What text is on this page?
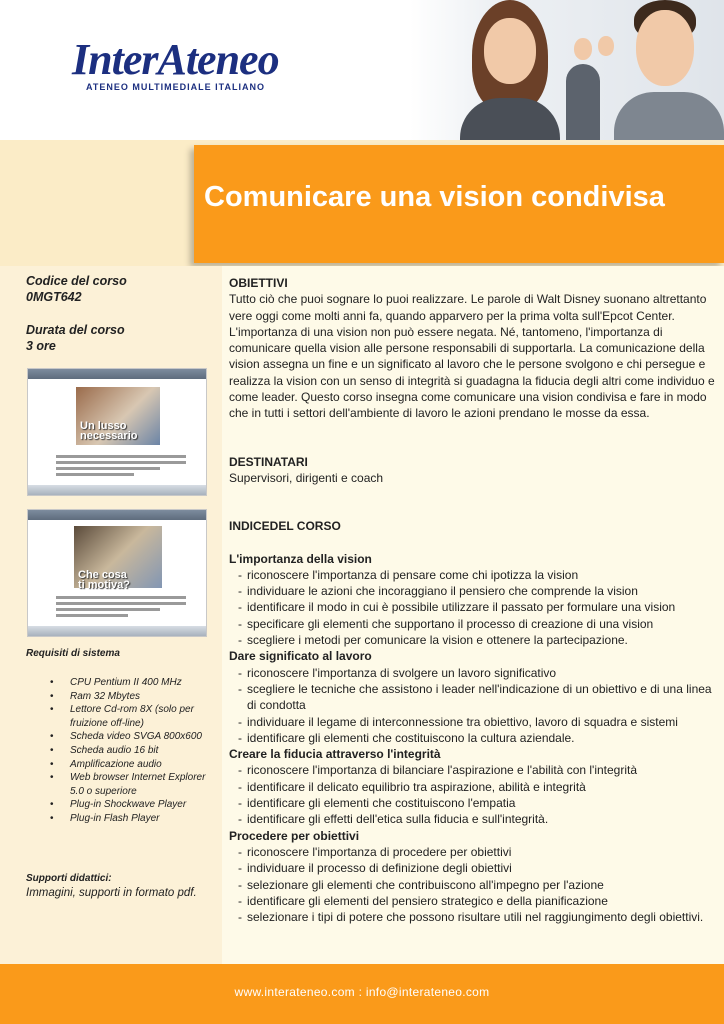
InterAteneo
ATENEO MULTIMEDIALE ITALIANO
Comunicare una vision condivisa
Codice del corso
0MGT642
Durata del corso
3 ore
Un lusso necessario
Che cosa ti motiva?
Requisiti di sistema
• CPU Pentium II 400 MHz
• Ram 32 Mbytes
• Lettore Cd-rom 8X (solo per fruizione off-line)
• Scheda video SVGA 800x600
• Scheda audio 16 bit
• Amplificazione audio
• Web browser Internet Explorer 5.0 o superiore
• Plug-in Shockwave Player
• Plug-in Flash Player
Supporti didattici:
Immagini, supporti in formato pdf.
OBIETTIVI
Tutto ciò che puoi sognare lo puoi realizzare. Le parole di Walt Disney suonano altrettanto vere oggi come molti anni fa, quando apparvero per la prima volta sull'Epcot Center. L'importanza di una vision non può essere negata. Né, tantomeno, l'importanza di comunicare quella vision alle persone responsabili di supportarla. La comunicazione della vision assegna un fine e un significato al lavoro che le persone svolgono e chi persegue e realizza la vision con un senso di integrità si guadagna la fiducia degli altri come individuo e come leader. Questo corso insegna come comunicare una vision condivisa e fare in modo che in tutti i settori dell'ambiente di lavoro le azioni prendano le mosse da essa.
DESTINATARI
Supervisori, dirigenti e coach
INDICEDEL CORSO
L'importanza della vision
- riconoscere l'importanza di pensare come chi ipotizza la vision
- individuare le azioni che incoraggiano il pensiero che comprende la vision
- identificare il modo in cui è possibile utilizzare il passato per formulare una vision
- specificare gli elementi che supportano il processo di creazione di una vision
- scegliere i metodi per comunicare la vision e ottenere la partecipazione.
Dare significato al lavoro
- riconoscere l'importanza di svolgere un lavoro significativo
- scegliere le tecniche che assistono i leader nell'indicazione di un obiettivo e di una linea di condotta
- individuare il legame di interconnessione tra obiettivo, lavoro di squadra e sistemi
- identificare gli elementi che costituiscono la cultura aziendale.
Creare la fiducia attraverso l'integrità
- riconoscere l'importanza di bilanciare l'aspirazione e l'abilità con l'integrità
- identificare il delicato equilibrio tra aspirazione, abilità e integrità
- identificare gli elementi che costituiscono l'empatia
- identificare gli effetti dell'etica sulla fiducia e sull'integrità.
Procedere per obiettivi
- riconoscere l'importanza di procedere per obiettivi
- individuare il processo di definizione degli obiettivi
- selezionare gli elementi che contribuiscono all'impegno per l'azione
- identificare gli elementi del pensiero strategico e della pianificazione
- selezionare i tipi di potere che possono risultare utili nel raggiungimento degli obiettivi.
www.interateneo.com : info@interateneo.com
